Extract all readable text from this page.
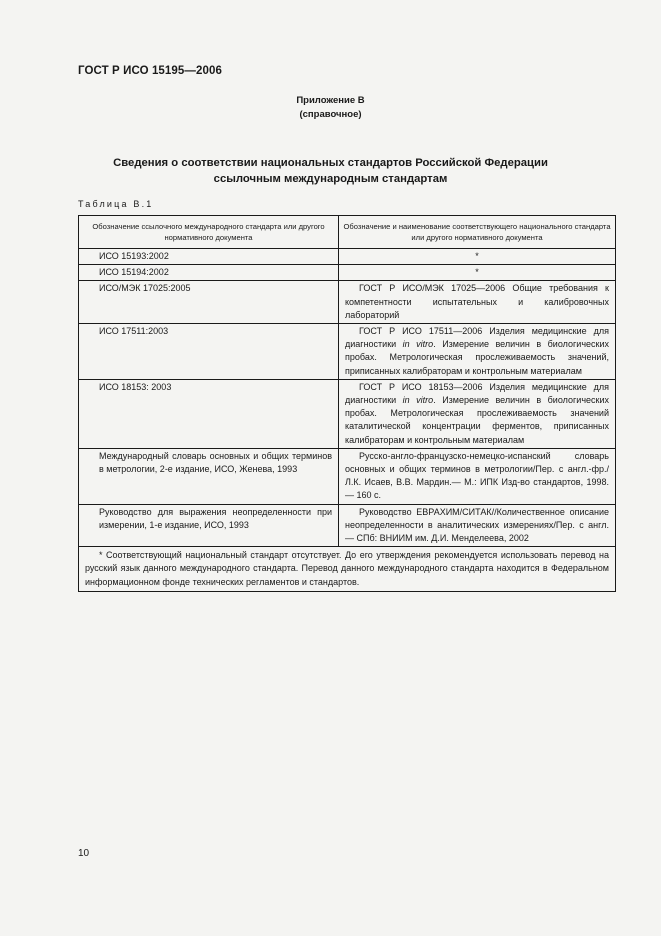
ГОСТ Р ИСО 15195—2006
Приложение В
(справочное)
Сведения о соответствии национальных стандартов Российской Федерации
ссылочным международным стандартам
Таблица В.1
Обозначение ссылочного международного стандарта или другого нормативного документа	Обозначение и наименование соответствующего национального стандарта или другого нормативного документа
ИСО 15193:2002	*
ИСО 15194:2002	*
ИСО/МЭК 17025:2005	ГОСТ Р ИСО/МЭК 17025—2006 Общие требования к компетентности испытательных и калибровочных лабораторий

ИСО 17511:2003	ГОСТ Р ИСО 17511—2006 Изделия медицинские для диагностики in vitro. Измерение величин в биологических пробах. Метрологическая прослеживаемость значений, приписанных калибраторам и контрольным материалам

ИСО 18153: 2003	ГОСТ Р ИСО 18153—2006 Изделия медицинские для диагностики in vitro. Измерение величин в биологических пробах. Метрологическая прослеживаемость значений каталитической концентрации ферментов, приписанных калибраторам и контрольным материалам

Международный словарь основных и общих терминов в метрологии, 2-е издание, ИСО, Женева, 1993	Русско-англо-французско-немецко-испанский словарь основных и общих терминов в метрологии/Пер. с англ.-фр./Л.К. Исаев, В.В. Мардин.— М.: ИПК Изд-во стандартов, 1998.— 160 с.

Руководство для выражения неопределенности при измерении, 1-е издание, ИСО, 1993	Руководство ЕВРАХИМ/СИТАК//Количественное описание неопределенности в аналитических измерениях/Пер. с англ. — СПб: ВНИИМ им. Д.И. Менделеева, 2002

* Соответствующий национальный стандарт отсутствует. До его утверждения рекомендуется использовать перевод на русский язык данного международного стандарта. Перевод данного международного стандарта находится в Федеральном информационном фонде технических регламентов и стандартов.	
10
